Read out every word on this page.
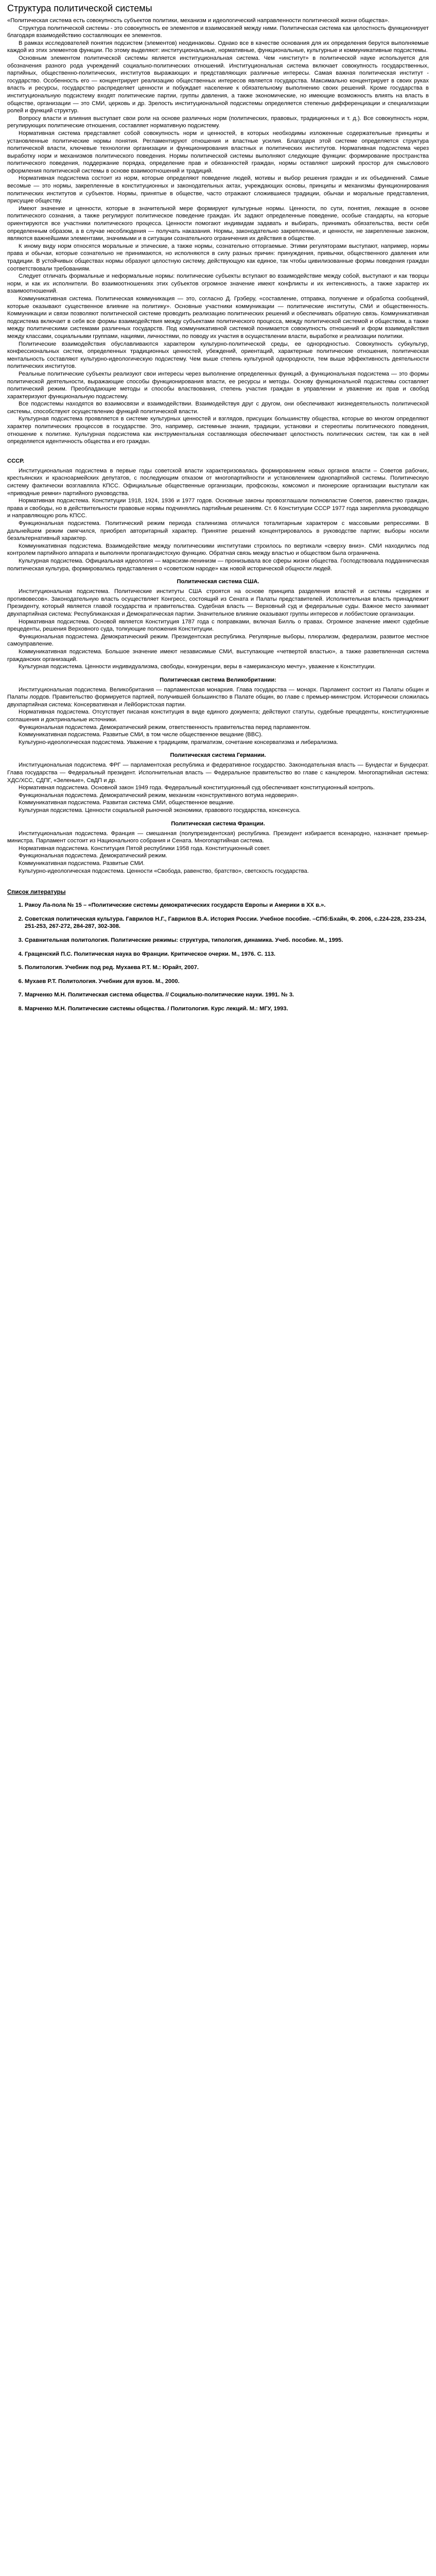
Структура политической системы

«Политическая система есть совокупность субъектов политики, механизм и идеологический направленности политической жизни общества».

Структура политической системы - это совокупность ее элементов и взаимосвязей между ними. Политическая система как целостность функционирует благодаря взаимодействию составляющих ее элементов.

В рамках исследователей понятия подсистем (элементов) неодинаковы. Однако все в качестве основания для их определения берутся выполняемые каждой из этих элементов функции. По этому выделяют: институциональные, нормативные, функциональные, культурные и коммуникативные подсистемы.

Основным элементом политической системы является институциональная система. Чем «институт» в политической науке используется для обозначения разного рода учреждений социально-политических отношений. Институциональная система включает совокупность государственных, партийных, общественно-политических, институтов выражающих и представляющих различные интересы. Самая важная политическая институт - государство. Особенность его — концентрирует реализацию общественных интересов является государства. Максимально концентрирует в своих руках власть и ресурсы, государство распределяет ценности и побуждает население к обязательному выполнению своих решений. Кроме государства в институциональную подсистему входят политические партии, группы давления, а также экономические, но имеющие возможность влиять на власть в обществе, организации — это СМИ, церковь и др. Зрелость институциональной подсистемы определяется степенью дифференциации и специализации ролей и функций структур.

Вопросу власти и влияния выступает свои роли на основе различных норм (политических, правовых, традиционных и т. д.). Все совокупность норм, регулирующих политические отношения, составляет нормативную подсистему.

Нормативная система представляет собой совокупность норм и ценностей, в которых необходимы изложенные содержательные принципы и установленные политические нормы понятия. Регламентируют отношения и властные усилия. Благодаря этой системе определяется структура политической власти, ключевые технологии организации и функционирования властных и политических институтов. Нормативная подсистема через выработку норм и механизмов политического поведения. Нормы политической системы выполняют следующие функции: формирование пространства политического поведения, поддержание порядка, определение прав и обязанностей граждан, нормы оставляют широкий простор для смыслового оформления политической системы в основе взаимоотношений и традиций.

Нормативная подсистема состоит из норм, которые определяют поведение людей, мотивы и выбор решения граждан и их объединений. Самые весомые — это нормы, закрепленные в конституционных и законодательных актах, учреждающих основы, принципы и механизмы функционирования политических институтов и субъектов. Нормы, принятые в обществе, часто отражают сложившиеся традиции, обычаи и моральные представления, присущие обществу.

Имеют значение и ценности, которые в значительной мере формируют культурные нормы. Ценности, по сути, понятия, лежащие в основе политического сознания, а также регулируют политическое поведение граждан. Их задают определенные поведение, особые стандарты, на которые ориентируются все участники политического процесса. Ценности помогают индивидам задавать и выбирать, принимать обязательства, вести себя определенным образом, а в случае несоблюдения — получать наказания. Нормы, законодательно закрепленные, и ценности, не закрепленные законом, являются важнейшими элементами, значимыми и в ситуации сознательного ограничения их действия в обществе.

К иному виду норм относятся моральные и этические, а также нормы, сознательно отторгаемые. Этими регуляторами выступают, например, нормы права и обычаи, которые сознательно не принимаются, но исполняются в силу разных причин: принуждения, привычки, общественного давления или традиции. В устойчивых обществах нормы образуют целостную систему, действующую как единое, так чтобы цивилизованные формы поведения граждан соответствовали требованиям.

Следует отличать формальные и неформальные нормы: политические субъекты вступают во взаимодействие между собой, выступают и как творцы норм, и как их исполнители. Во взаимоотношениях этих субъектов огромное значение имеют конфликты и их интенсивность, а также характер их взаимоотношений.

Коммуникативная система. Политическая коммуникация — это, согласно Д. Грэберу, «составление, отправка, получение и обработка сообщений, которые оказывают существенное влияние на политику». Основные участники коммуникации — политические институты, СМИ и общественность. Коммуникации и связи позволяют политической системе проводить реализацию политических решений и обеспечивать обратную связь. Коммуникативная подсистема включает в себя все формы взаимодействия между субъектами политического процесса, между политической системой и обществом, а также между политическими системами различных государств. Под коммуникативной системой понимается совокупность отношений и форм взаимодействия между классами, социальными группами, нациями, личностями, по поводу их участия в осуществлении власти, выработке и реализации политики.

Политические взаимодействия обуславливаются характером культурно-политической среды, ее однородностью. Совокупность субкультур, конфессиональных систем, определенных традиционных ценностей, убеждений, ориентаций, характерные политические отношения, политическая ментальность составляют культурно-идеологическую подсистему. Чем выше степень культурной однородности, тем выше эффективность деятельности политических институтов.

Реальные политические субъекты реализуют свои интересы через выполнение определенных функций, а функциональная подсистема — это формы политической деятельности, выражающие способы функционирования власти, ее ресурсы и методы. Основу функциональной подсистемы составляет политический режим. Преобладающие методы и способы властвования, степень участия граждан в управлении и уважение их прав и свобод характеризуют функциональную подсистему.

Все подсистемы находятся во взаимосвязи и взаимодействии. Взаимодействуя друг с другом, они обеспечивают жизнедеятельность политической системы, способствуют осуществлению функций политической власти.

Культурная подсистема проявляется в системе культурных ценностей и взглядов, присущих большинству общества, которые во многом определяют характер политических процессов в государстве. Это, например, системные знания, традиции, установки и стереотипы политического поведения, отношение к политике. Культурная подсистема как инструментальная составляющая обеспечивает целостность политических систем, так как в ней определяется идентичность общества и его граждан.

СССР.

Институциональная подсистема в первые годы советской власти характеризовалась формированием новых органов власти – Советов рабочих, крестьянских и красноармейских депутатов, с последующим отказом от многопартийности и установлением однопартийной системы. Политическую систему фактически возглавляла КПСС. Официальные общественные организации, профсоюзы, комсомол и пионерские организации выступали как «приводные ремни» партийного руководства.

Нормативная подсистема. Конституции 1918, 1924, 1936 и 1977 годов. Основные законы провозглашали полновластие Советов, равенство граждан, права и свободы, но в действительности правовые нормы подчинялись партийным решениям. Ст. 6 Конституции СССР 1977 года закрепляла руководящую и направляющую роль КПСС.

Функциональная подсистема. Политический режим периода сталинизма отличался тоталитарным характером с массовыми репрессиями. В дальнейшем режим смягчился, приобрел авторитарный характер. Принятие решений концентрировалось в руководстве партии; выборы носили безальтернативный характер.

Коммуникативная подсистема. Взаимодействие между политическими институтами строилось по вертикали «сверху вниз». СМИ находились под контролем партийного аппарата и выполняли пропагандистскую функцию. Обратная связь между властью и обществом была ограничена.

Культурная подсистема. Официальная идеология — марксизм-ленинизм — пронизывала все сферы жизни общества. Господствовала подданническая политическая культура, формировались представления о «советском народе» как новой исторической общности людей.

Политическая система США.

Институциональная подсистема. Политические институты США строятся на основе принципа разделения властей и системы «сдержек и противовесов». Законодательную власть осуществляет Конгресс, состоящий из Сената и Палаты представителей. Исполнительная власть принадлежит Президенту, который является главой государства и правительства. Судебная власть — Верховный суд и федеральные суды. Важное место занимает двухпартийная система: Республиканская и Демократическая партии. Значительное влияние оказывают группы интересов и лоббистские организации.

Нормативная подсистема. Основой является Конституция 1787 года с поправками, включая Билль о правах. Огромное значение имеют судебные прецеденты, решения Верховного суда, толкующие положения Конституции.

Функциональная подсистема. Демократический режим. Президентская республика. Регулярные выборы, плюрализм, федерализм, развитое местное самоуправление.

Коммуникативная подсистема. Большое значение имеют независимые СМИ, выступающие «четвертой властью», а также разветвленная система гражданских организаций.

Культурная подсистема. Ценности индивидуализма, свободы, конкуренции, веры в «американскую мечту», уважение к Конституции.

Политическая система Великобритании:

Институциональная подсистема. Великобритания — парламентская монархия. Глава государства — монарх. Парламент состоит из Палаты общин и Палаты лордов. Правительство формируется партией, получившей большинство в Палате общин, во главе с премьер-министром. Исторически сложилась двухпартийная система: Консервативная и Лейбористская партии.

Нормативная подсистема. Отсутствует писаная конституция в виде единого документа; действуют статуты, судебные прецеденты, конституционные соглашения и доктринальные источники.

Функциональная подсистема. Демократический режим, ответственность правительства перед парламентом.

Коммуникативная подсистема. Развитые СМИ, в том числе общественное вещание (BBC).

Культурно-идеологическая подсистема. Уважение к традициям, прагматизм, сочетание консерватизма и либерализма.

Политическая система Германии.

Институциональная подсистема. ФРГ — парламентская республика и федеративное государство. Законодательная власть — Бундестаг и Бундесрат. Глава государства — Федеральный президент. Исполнительная власть — Федеральное правительство во главе с канцлером. Многопартийная система: ХДС/ХСС, СДПГ, «Зеленые», СвДП и др.

Нормативная подсистема. Основной закон 1949 года. Федеральный конституционный суд обеспечивает конституционный контроль.

Функциональная подсистема. Демократический режим, механизм «конструктивного вотума недоверия».

Коммуникативная подсистема. Развитая система СМИ, общественное вещание.

Культурная подсистема. Ценности социальной рыночной экономики, правового государства, консенсуса.

Политическая система Франции.

Институциональная подсистема. Франция — смешанная (полупрезидентская) республика. Президент избирается всенародно, назначает премьер-министра. Парламент состоит из Национального собрания и Сената. Многопартийная система.

Нормативная подсистема. Конституция Пятой республики 1958 года. Конституционный совет.

Функциональная подсистема. Демократический режим.

Коммуникативная подсистема. Развитые СМИ.

Культурно-идеологическая подсистема. Ценности «Свобода, равенство, братство», светскость государства.

Список литературы

1. Ракоу Ла-пола № 15 – «Политические системы демократических государств Европы и Америки в XX в.».
2. Советская политическая культура. Гаврилов Н.Г., Гаврилов В.А. История России. Учебное пособие. –СПб:Бхайн, Ф. 2006, с.224-228, 233-234, 251-253, 267-272, 284-287, 302-308.
3. Сравнительная политология. Политические режимы: структура, типология, динамика. Учеб. пособие. М., 1995.
4. Гращенский П.С. Политическая наука во Франции. Критическое очерки. М., 1976. С. 113.
5. Политология. Учебник под ред. Мухаева Р.Т. М.: Юрайт, 2007.
6. Мухаев Р.Т. Политология. Учебник для вузов. М., 2000.
7. Марченко М.Н. Политическая система общества. // Социально-политические науки. 1991. № 3.
8. Марченко М.Н. Политические системы общества. / Политология. Курс лекций. М.: МГУ, 1993.
